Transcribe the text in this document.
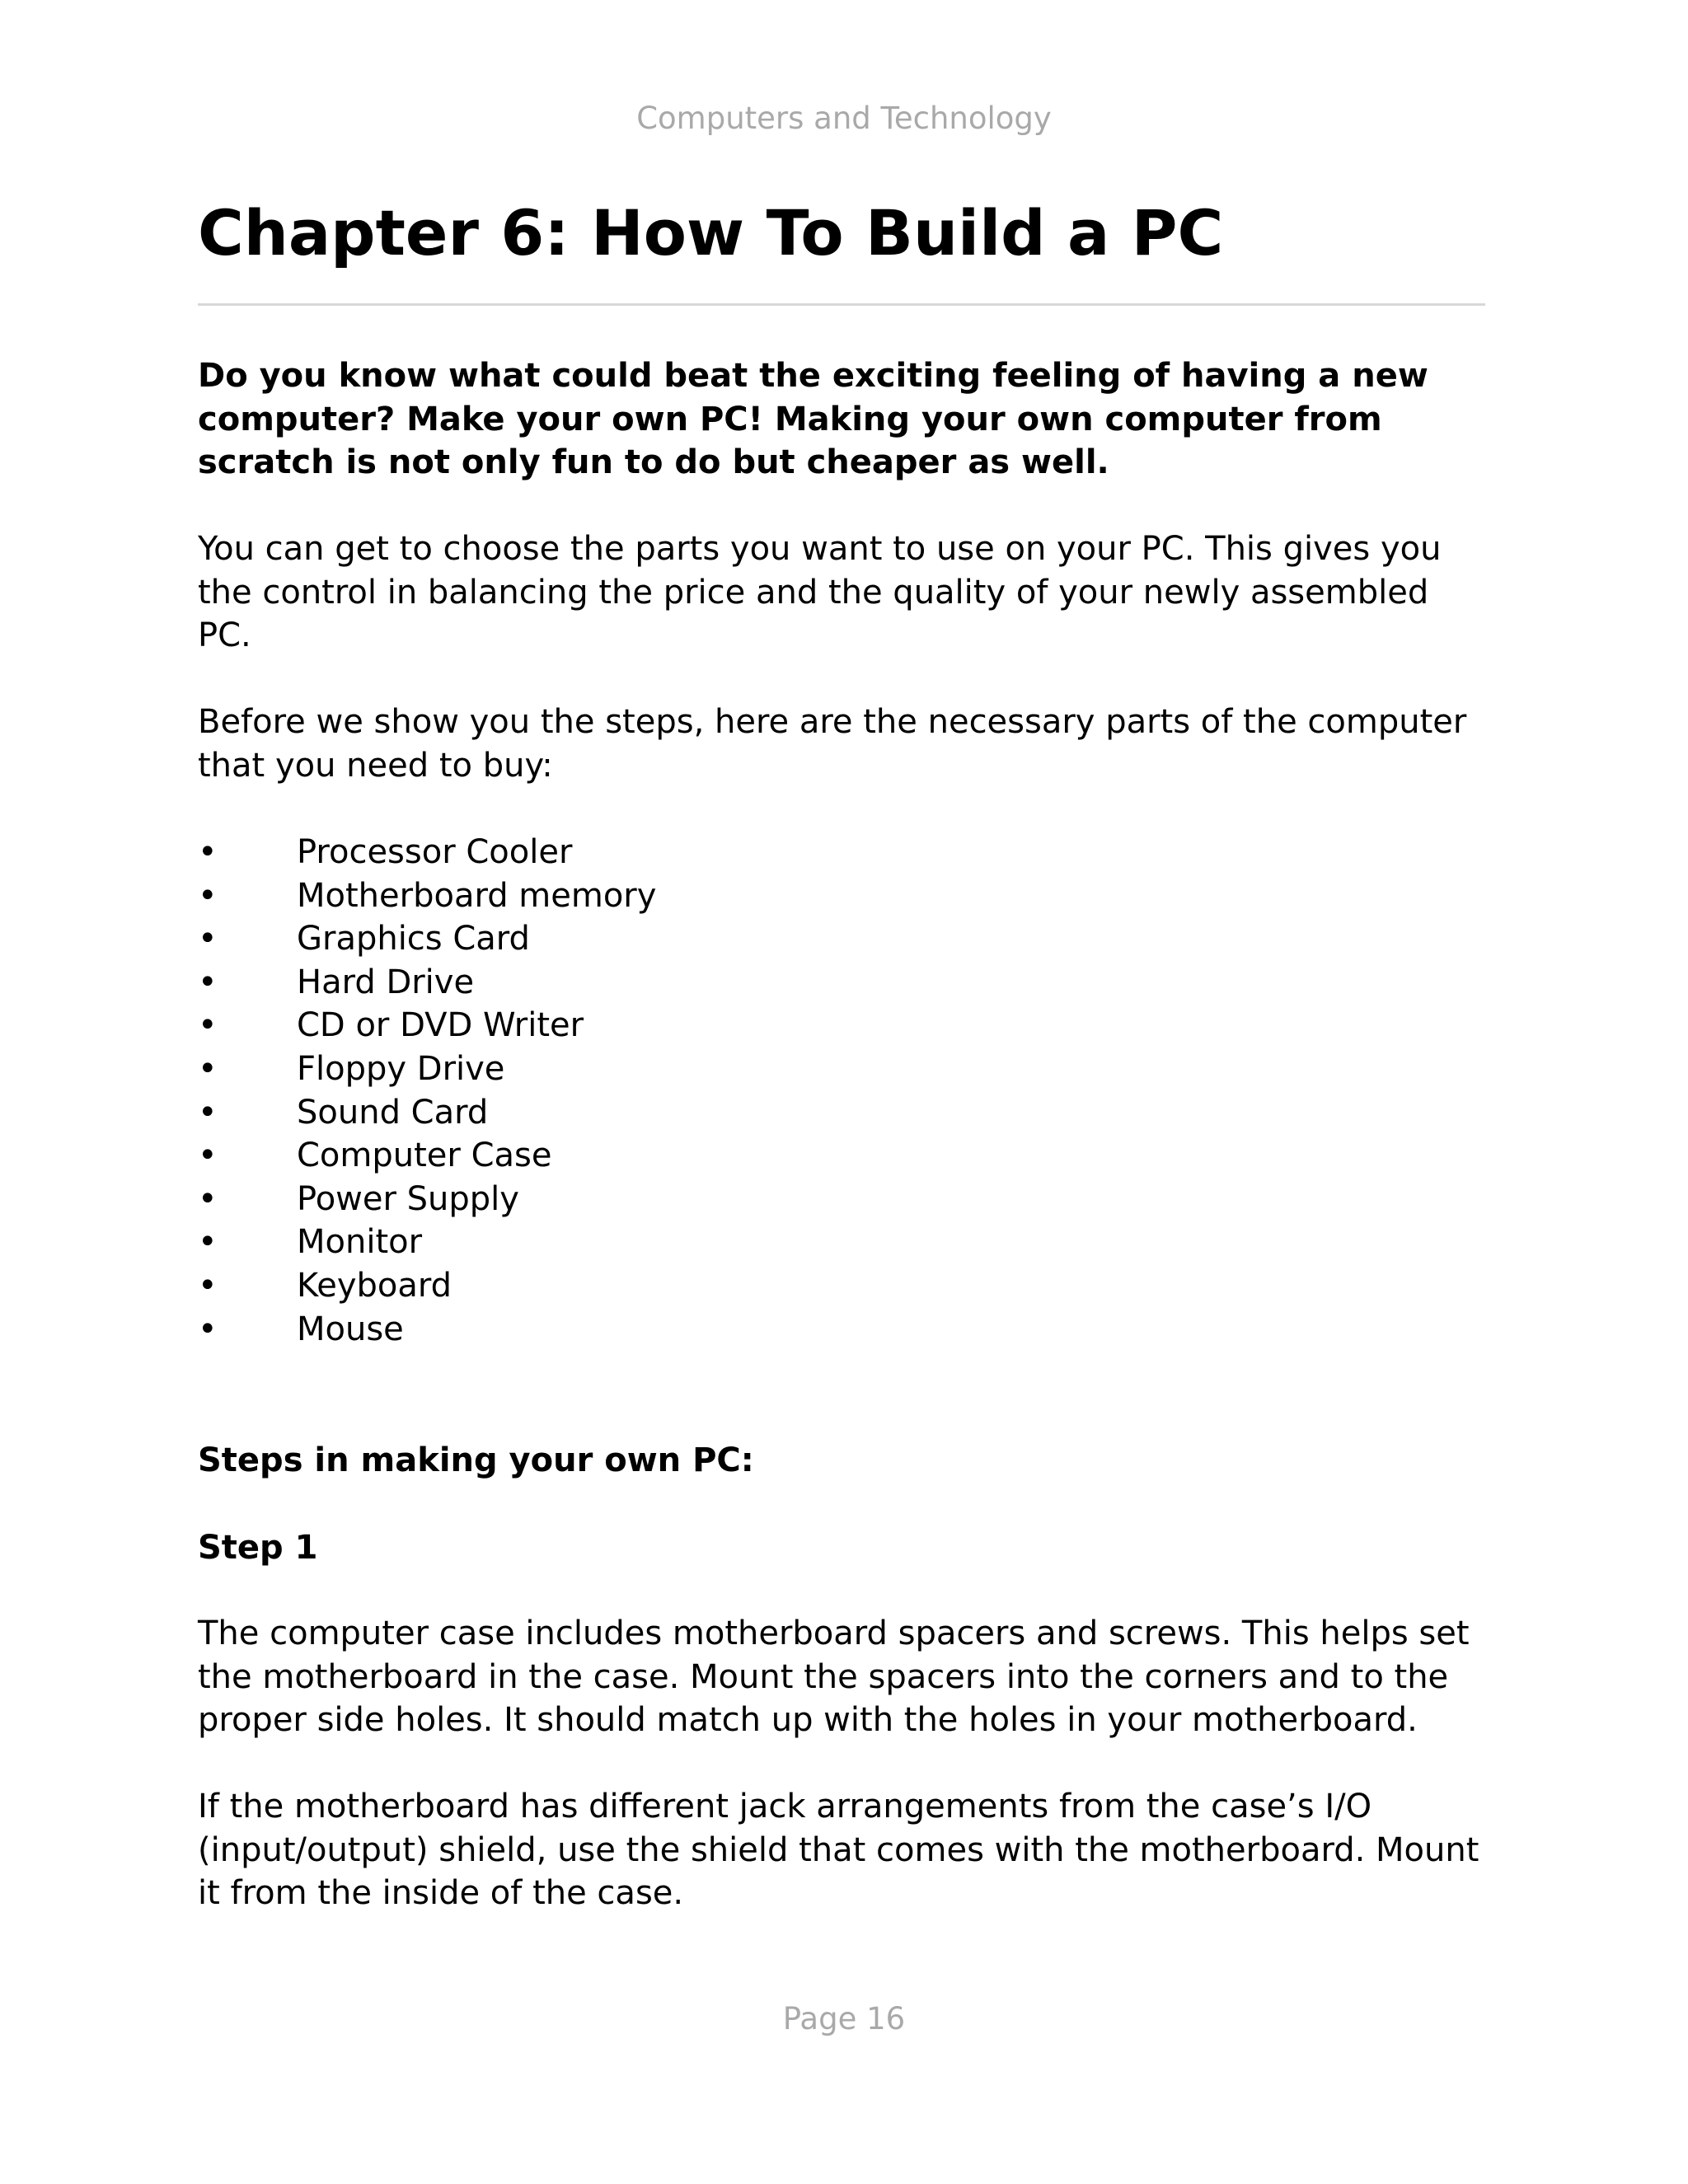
Computers and Technology
Chapter 6: How To Build a PC

Do you know what could beat the exciting feeling of having a new computer? Make your own PC! Making your own computer from scratch is not only fun to do but cheaper as well.

You can get to choose the parts you want to use on your PC. This gives you the control in balancing the price and the quality of your newly assembled PC.

Before we show you the steps, here are the necessary parts of the computer that you need to buy:

• Processor Cooler
• Motherboard memory
• Graphics Card
• Hard Drive
• CD or DVD Writer
• Floppy Drive
• Sound Card
• Computer Case
• Power Supply
• Monitor
• Keyboard
• Mouse

Steps in making your own PC:

Step 1

The computer case includes motherboard spacers and screws. This helps set the motherboard in the case. Mount the spacers into the corners and to the proper side holes. It should match up with the holes in your motherboard.

If the motherboard has different jack arrangements from the case’s I/O (input/output) shield, use the shield that comes with the motherboard. Mount it from the inside of the case.

Page 16
